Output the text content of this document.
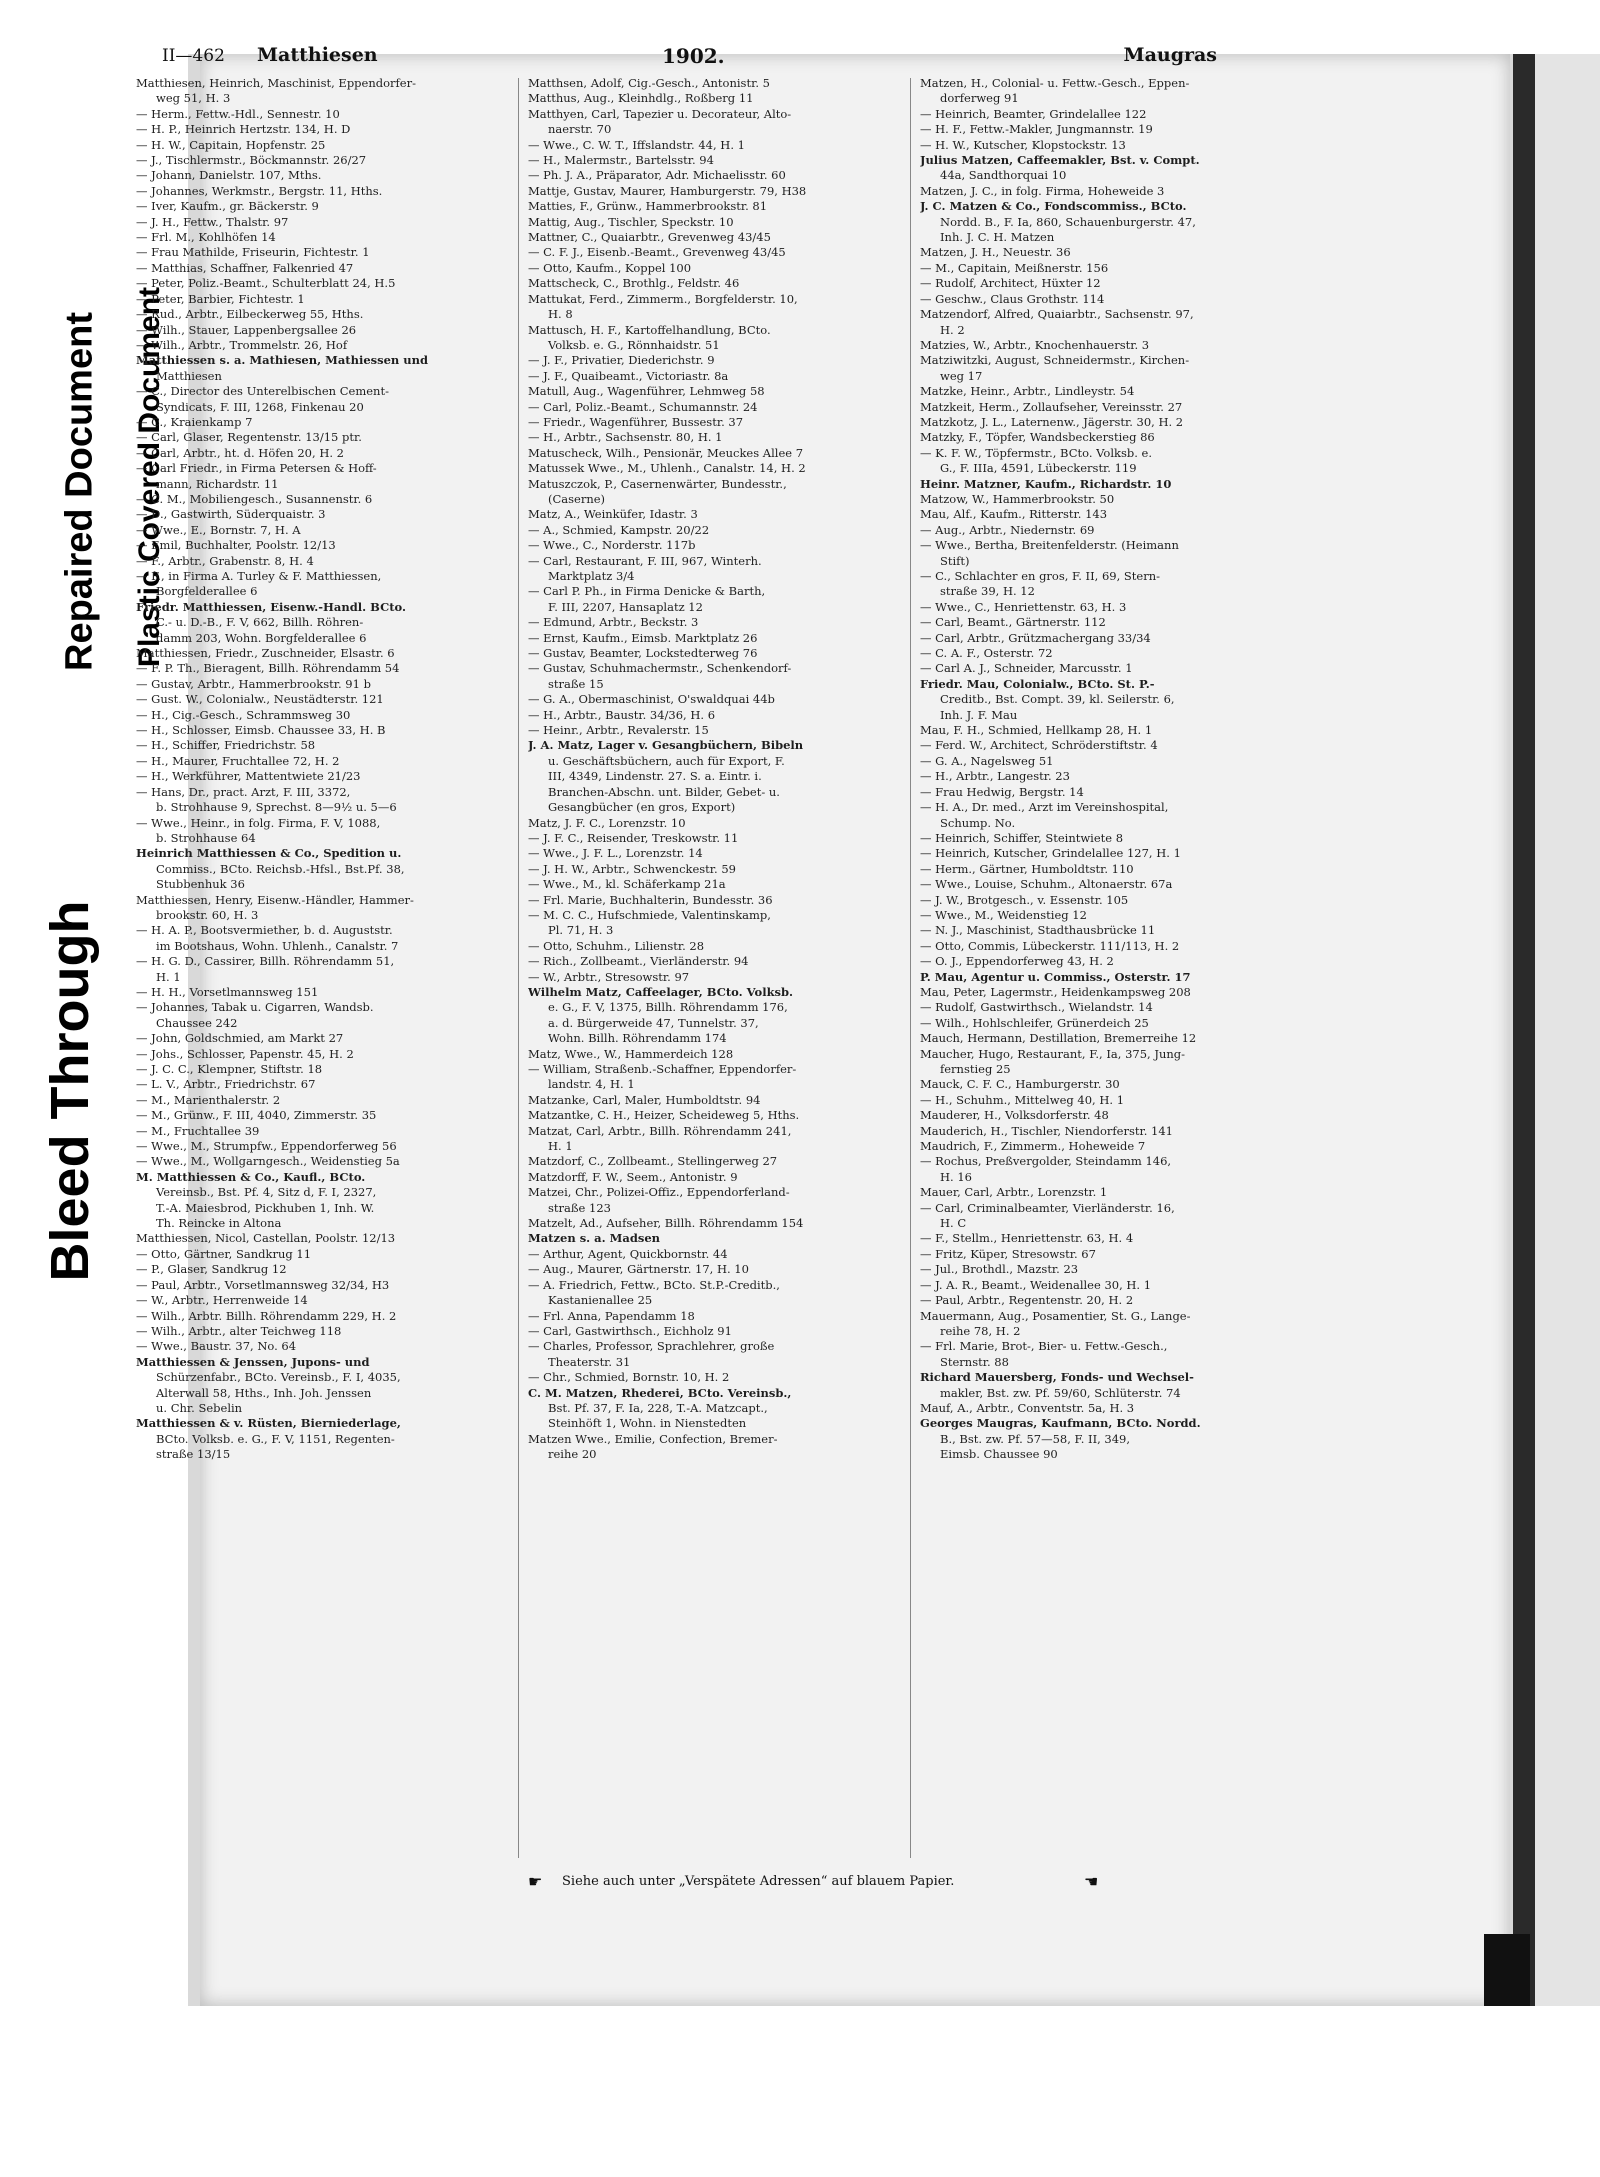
Bleed Through
Repaired Document Plastic Covered Document
II—462 Matthiesen	1902.	Maugras
Matthiesen, Heinrich, Maschinist, Eppendorfer-
weg 51, H. 3
— Herm., Fettw.-Hdl., Sennestr. 10
— H. P., Heinrich Hertzstr. 134, H. D
— H. W., Capitain, Hopfenstr. 25
— J., Tischlermstr., Böckmannstr. 26/27
— Johann, Danielstr. 107, Mths.
— Johannes, Werkmstr., Bergstr. 11, Hths.
— Iver, Kaufm., gr. Bäckerstr. 9
— J. H., Fettw., Thalstr. 97
— Frl. M., Kohlhöfen 14
— Frau Mathilde, Friseurin, Fichtestr. 1
— Matthias, Schaffner, Falkenried 47
— Peter, Poliz.-Beamt., Schulterblatt 24, H.5
— Peter, Barbier, Fichtestr. 1
— Rud., Arbtr., Eilbeckerweg 55, Hths.
— Wilh., Stauer, Lappenbergsallee 26
— Wilh., Arbtr., Trommelstr. 26, Hof
Matthiessen s. a. Mathiesen, Mathiessen und
Matthiesen
— C., Director des Unterelbischen Cement-
Syndicats, F. III, 1268, Finkenau 20
— C., Kraienkamp 7
— Carl, Glaser, Regentenstr. 13/15 ptr.
— Carl, Arbtr., ht. d. Höfen 20, H. 2
— Carl Friedr., in Firma Petersen & Hoff-
mann, Richardstr. 11
— C. M., Mobiliengesch., Susannenstr. 6
— D., Gastwirth, Süderquaistr. 3
— Wwe., E., Bornstr. 7, H. A
— Emil, Buchhalter, Poolstr. 12/13
— F., Arbtr., Grabenstr. 8, H. 4
— F., in Firma A. Turley & F. Matthiessen,
Borgfelderallee 6
Friedr. Matthiessen, Eisenw.-Handl. BCto.
C.- u. D.-B., F. V, 662, Billh. Röhren-
damm 203, Wohn. Borgfelderallee 6
Matthiessen, Friedr., Zuschneider, Elsastr. 6
— F. P. Th., Bieragent, Billh. Röhrendamm 54
— Gustav, Arbtr., Hammerbrookstr. 91 b
— Gust. W., Colonialw., Neustädterstr. 121
— H., Cig.-Gesch., Schrammsweg 30
— H., Schlosser, Eimsb. Chaussee 33, H. B
— H., Schiffer, Friedrichstr. 58
— H., Maurer, Fruchtallee 72, H. 2
— H., Werkführer, Mattentwiete 21/23
— Hans, Dr., pract. Arzt, F. III, 3372,
b. Strohhause 9, Sprechst. 8—9½ u. 5—6
— Wwe., Heinr., in folg. Firma, F. V, 1088,
b. Strohhause 64
Heinrich Matthiessen & Co., Spedition u.
Commiss., BCto. Reichsb.-Hfsl., Bst.Pf. 38,
Stubbenhuk 36
Matthiessen, Henry, Eisenw.-Händler, Hammer-
brookstr. 60, H. 3
— H. A. P., Bootsvermiether, b. d. Auguststr.
im Bootshaus, Wohn. Uhlenh., Canalstr. 7
— H. G. D., Cassirer, Billh. Röhrendamm 51,
H. 1
— H. H., Vorsetlmannsweg 151
— Johannes, Tabak u. Cigarren, Wandsb.
Chaussee 242
— John, Goldschmied, am Markt 27
— Johs., Schlosser, Papenstr. 45, H. 2
— J. C. C., Klempner, Stiftstr. 18
— L. V., Arbtr., Friedrichstr. 67
— M., Marienthalerstr. 2
— M., Grünw., F. III, 4040, Zimmerstr. 35
— M., Fruchtallee 39
— Wwe., M., Strumpfw., Eppendorferweg 56
— Wwe., M., Wollgarngesch., Weidenstieg 5a
M. Matthiessen & Co., Kaufl., BCto.
Vereinsb., Bst. Pf. 4, Sitz d, F. I, 2327,
T.-A. Maiesbrod, Pickhuben 1, Inh. W.
Th. Reincke in Altona
Matthiessen, Nicol, Castellan, Poolstr. 12/13
— Otto, Gärtner, Sandkrug 11
— P., Glaser, Sandkrug 12
— Paul, Arbtr., Vorsetlmannsweg 32/34, H3
— W., Arbtr., Herrenweide 14
— Wilh., Arbtr. Billh. Röhrendamm 229, H. 2
— Wilh., Arbtr., alter Teichweg 118
— Wwe., Baustr. 37, No. 64
Matthiessen & Jenssen, Jupons- und
Schürzenfabr., BCto. Vereinsb., F. I, 4035,
Alterwall 58, Hths., Inh. Joh. Jenssen
u. Chr. Sebelin
Matthiessen & v. Rüsten, Bierniederlage,
BCto. Volksb. e. G., F. V, 1151, Regenten-
straße 13/15
Matthsen, Adolf, Cig.-Gesch., Antonistr. 5
Matthus, Aug., Kleinhdlg., Roßberg 11
Matthyen, Carl, Tapezier u. Decorateur, Alto-
naerstr. 70
— Wwe., C. W. T., Iffslandstr. 44, H. 1
— H., Malermstr., Bartelsstr. 94
— Ph. J. A., Präparator, Adr. Michaelisstr. 60
Mattje, Gustav, Maurer, Hamburgerstr. 79, H38
Matties, F., Grünw., Hammerbrookstr. 81
Mattig, Aug., Tischler, Speckstr. 10
Mattner, C., Quaiarbtr., Grevenweg 43/45
— C. F. J., Eisenb.-Beamt., Grevenweg 43/45
— Otto, Kaufm., Koppel 100
Mattscheck, C., Brothlg., Feldstr. 46
Mattukat, Ferd., Zimmerm., Borgfelderstr. 10,
H. 8
Mattusch, H. F., Kartoffelhandlung, BCto.
Volksb. e. G., Rönnhaidstr. 51
— J. F., Privatier, Diederichstr. 9
— J. F., Quaibeamt., Victoriastr. 8a
Matull, Aug., Wagenführer, Lehmweg 58
— Carl, Poliz.-Beamt., Schumannstr. 24
— Friedr., Wagenführer, Bussestr. 37
— H., Arbtr., Sachsenstr. 80, H. 1
Matuscheck, Wilh., Pensionär, Meuckes Allee 7
Matussek Wwe., M., Uhlenh., Canalstr. 14, H. 2
Matuszczok, P., Casernenwärter, Bundesstr.,
(Caserne)
Matz, A., Weinküfer, Idastr. 3
— A., Schmied, Kampstr. 20/22
— Wwe., C., Norderstr. 117b
— Carl, Restaurant, F. III, 967, Winterh.
Marktplatz 3/4
— Carl P. Ph., in Firma Denicke & Barth,
F. III, 2207, Hansaplatz 12
— Edmund, Arbtr., Beckstr. 3
— Ernst, Kaufm., Eimsb. Marktplatz 26
— Gustav, Beamter, Lockstedterweg 76
— Gustav, Schuhmachermstr., Schenkendorf-
straße 15
— G. A., Obermaschinist, O'swaldquai 44b
— H., Arbtr., Baustr. 34/36, H. 6
— Heinr., Arbtr., Revalerstr. 15
J. A. Matz, Lager v. Gesangbüchern, Bibeln
u. Geschäftsbüchern, auch für Export, F.
III, 4349, Lindenstr. 27. S. a. Eintr. i.
Branchen-Abschn. unt. Bilder, Gebet- u.
Gesangbücher (en gros, Export)
Matz, J. F. C., Lorenzstr. 10
— J. F. C., Reisender, Treskowstr. 11
— Wwe., J. F. L., Lorenzstr. 14
— J. H. W., Arbtr., Schwenckestr. 59
— Wwe., M., kl. Schäferkamp 21a
— Frl. Marie, Buchhalterin, Bundesstr. 36
— M. C. C., Hufschmiede, Valentinskamp,
Pl. 71, H. 3
— Otto, Schuhm., Lilienstr. 28
— Rich., Zollbeamt., Vierländerstr. 94
— W., Arbtr., Stresowstr. 97
Wilhelm Matz, Caffeelager, BCto. Volksb.
e. G., F. V, 1375, Billh. Röhrendamm 176,
a. d. Bürgerweide 47, Tunnelstr. 37,
Wohn. Billh. Röhrendamm 174
Matz, Wwe., W., Hammerdeich 128
— William, Straßenb.-Schaffner, Eppendorfer-
landstr. 4, H. 1
Matzanke, Carl, Maler, Humboldtstr. 94
Matzantke, C. H., Heizer, Scheideweg 5, Hths.
Matzat, Carl, Arbtr., Billh. Röhrendamm 241,
H. 1
Matzdorf, C., Zollbeamt., Stellingerweg 27
Matzdorff, F. W., Seem., Antonistr. 9
Matzei, Chr., Polizei-Offiz., Eppendorferland-
straße 123
Matzelt, Ad., Aufseher, Billh. Röhrendamm 154
Matzen s. a. Madsen
— Arthur, Agent, Quickbornstr. 44
— Aug., Maurer, Gärtnerstr. 17, H. 10
— A. Friedrich, Fettw., BCto. St.P.-Creditb.,
Kastanienallee 25
— Frl. Anna, Papendamm 18
— Carl, Gastwirthsch., Eichholz 91
— Charles, Professor, Sprachlehrer, große
Theaterstr. 31
— Chr., Schmied, Bornstr. 10, H. 2
C. M. Matzen, Rhederei, BCto. Vereinsb.,
Bst. Pf. 37, F. Ia, 228, T.-A. Matzcapt.,
Steinhöft 1, Wohn. in Nienstedten
Matzen Wwe., Emilie, Confection, Bremer-
reihe 20
Matzen, H., Colonial- u. Fettw.-Gesch., Eppen-
dorferweg 91
— Heinrich, Beamter, Grindelallee 122
— H. F., Fettw.-Makler, Jungmannstr. 19
— H. W., Kutscher, Klopstockstr. 13
Julius Matzen, Caffeemakler, Bst. v. Compt.
44a, Sandthorquai 10
Matzen, J. C., in folg. Firma, Hoheweide 3
J. C. Matzen & Co., Fondscommiss., BCto.
Nordd. B., F. Ia, 860, Schauenburgerstr. 47,
Inh. J. C. H. Matzen
Matzen, J. H., Neuestr. 36
— M., Capitain, Meißnerstr. 156
— Rudolf, Architect, Hüxter 12
— Geschw., Claus Grothstr. 114
Matzendorf, Alfred, Quaiarbtr., Sachsenstr. 97,
H. 2
Matzies, W., Arbtr., Knochenhauerstr. 3
Matziwitzki, August, Schneidermstr., Kirchen-
weg 17
Matzke, Heinr., Arbtr., Lindleystr. 54
Matzkeit, Herm., Zollaufseher, Vereinsstr. 27
Matzkotz, J. L., Laternenw., Jägerstr. 30, H. 2
Matzky, F., Töpfer, Wandsbeckerstieg 86
— K. F. W., Töpfermstr., BCto. Volksb. e.
G., F. IIIa, 4591, Lübeckerstr. 119
Heinr. Matzner, Kaufm., Richardstr. 10
Matzow, W., Hammerbrookstr. 50
Mau, Alf., Kaufm., Ritterstr. 143
— Aug., Arbtr., Niedernstr. 69
— Wwe., Bertha, Breitenfelderstr. (Heimann
Stift)
— C., Schlachter en gros, F. II, 69, Stern-
straße 39, H. 12
— Wwe., C., Henriettenstr. 63, H. 3
— Carl, Beamt., Gärtnerstr. 112
— Carl, Arbtr., Grützmachergang 33/34
— C. A. F., Osterstr. 72
— Carl A. J., Schneider, Marcusstr. 1
Friedr. Mau, Colonialw., BCto. St. P.-
Creditb., Bst. Compt. 39, kl. Seilerstr. 6,
Inh. J. F. Mau
Mau, F. H., Schmied, Hellkamp 28, H. 1
— Ferd. W., Architect, Schröderstiftstr. 4
— G. A., Nagelsweg 51
— H., Arbtr., Langestr. 23
— Frau Hedwig, Bergstr. 14
— H. A., Dr. med., Arzt im Vereinshospital,
Schump. No.
— Heinrich, Schiffer, Steintwiete 8
— Heinrich, Kutscher, Grindelallee 127, H. 1
— Herm., Gärtner, Humboldtstr. 110
— Wwe., Louise, Schuhm., Altonaerstr. 67a
— J. W., Brotgesch., v. Essenstr. 105
— Wwe., M., Weidenstieg 12
— N. J., Maschinist, Stadthausbrücke 11
— Otto, Commis, Lübeckerstr. 111/113, H. 2
— O. J., Eppendorferweg 43, H. 2
P. Mau, Agentur u. Commiss., Osterstr. 17
Mau, Peter, Lagermstr., Heidenkampsweg 208
— Rudolf, Gastwirthsch., Wielandstr. 14
— Wilh., Hohlschleifer, Grünerdeich 25
Mauch, Hermann, Destillation, Bremerreihe 12
Maucher, Hugo, Restaurant, F., Ia, 375, Jung-
fernstieg 25
Mauck, C. F. C., Hamburgerstr. 30
— H., Schuhm., Mittelweg 40, H. 1
Mauderer, H., Volksdorferstr. 48
Mauderich, H., Tischler, Niendorferstr. 141
Maudrich, F., Zimmerm., Hoheweide 7
— Rochus, Preßvergolder, Steindamm 146,
H. 16
Mauer, Carl, Arbtr., Lorenzstr. 1
— Carl, Criminalbeamter, Vierländerstr. 16,
H. C
— F., Stellm., Henriettenstr. 63, H. 4
— Fritz, Küper, Stresowstr. 67
— Jul., Brothdl., Mazstr. 23
— J. A. R., Beamt., Weidenallee 30, H. 1
— Paul, Arbtr., Regentenstr. 20, H. 2
Mauermann, Aug., Posamentier, St. G., Lange-
reihe 78, H. 2
— Frl. Marie, Brot-, Bier- u. Fettw.-Gesch.,
Sternstr. 88
Richard Mauersberg, Fonds- und Wechsel-
makler, Bst. zw. Pf. 59/60, Schlüterstr. 74
Mauf, A., Arbtr., Conventstr. 5a, H. 3
Georges Maugras, Kaufmann, BCto. Nordd.
B., Bst. zw. Pf. 57—58, F. II, 349,
Eimsb. Chaussee 90
☛ Siehe auch unter „Verspätete Adressen“ auf blauem Papier.	☚
